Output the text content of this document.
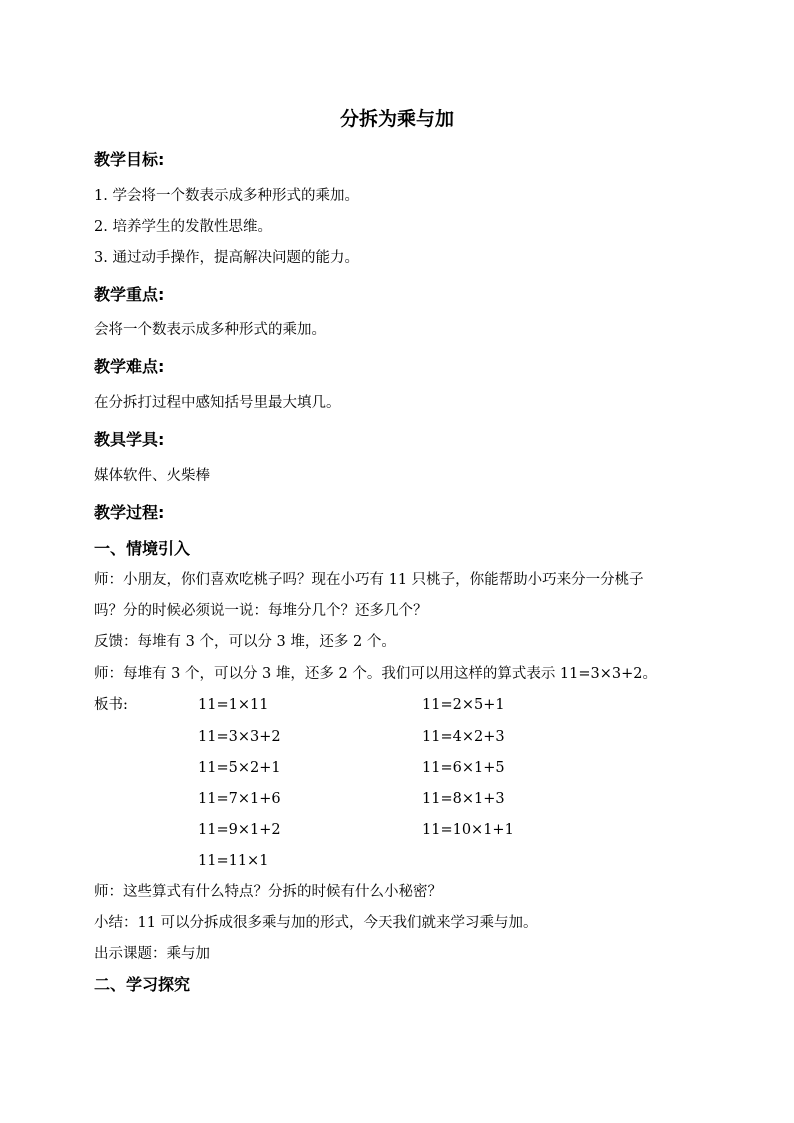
分拆为乘与加
教学目标:
1. 学会将一个数表示成多种形式的乘加。
2. 培养学生的发散性思维。
3. 通过动手操作，提高解决问题的能力。
教学重点:
会将一个数表示成多种形式的乘加。
教学难点:
在分拆打过程中感知括号里最大填几。
教具学具:
媒体软件、火柴棒
教学过程:
一、情境引入
师：小朋友，你们喜欢吃桃子吗？现在小巧有 11 只桃子，你能帮助小巧来分一分桃子
吗？分的时候必须说一说：每堆分几个？还多几个？
反馈：每堆有 3 个，可以分 3 堆，还多 2 个。
师：每堆有 3 个，可以分 3 堆，还多 2 个。我们可以用这样的算式表示 11=3×3+2。
板书:	11=1×11
11=3×3+2
11=5×2+1
11=7×1+6
11=9×1+2
11=11×1
11=2×5+1
11=4×2+3
11=6×1+5
11=8×1+3
11=10×1+1
师：这些算式有什么特点？分拆的时候有什么小秘密？
小结：11 可以分拆成很多乘与加的形式，今天我们就来学习乘与加。
出示课题：乘与加
二、学习探究
